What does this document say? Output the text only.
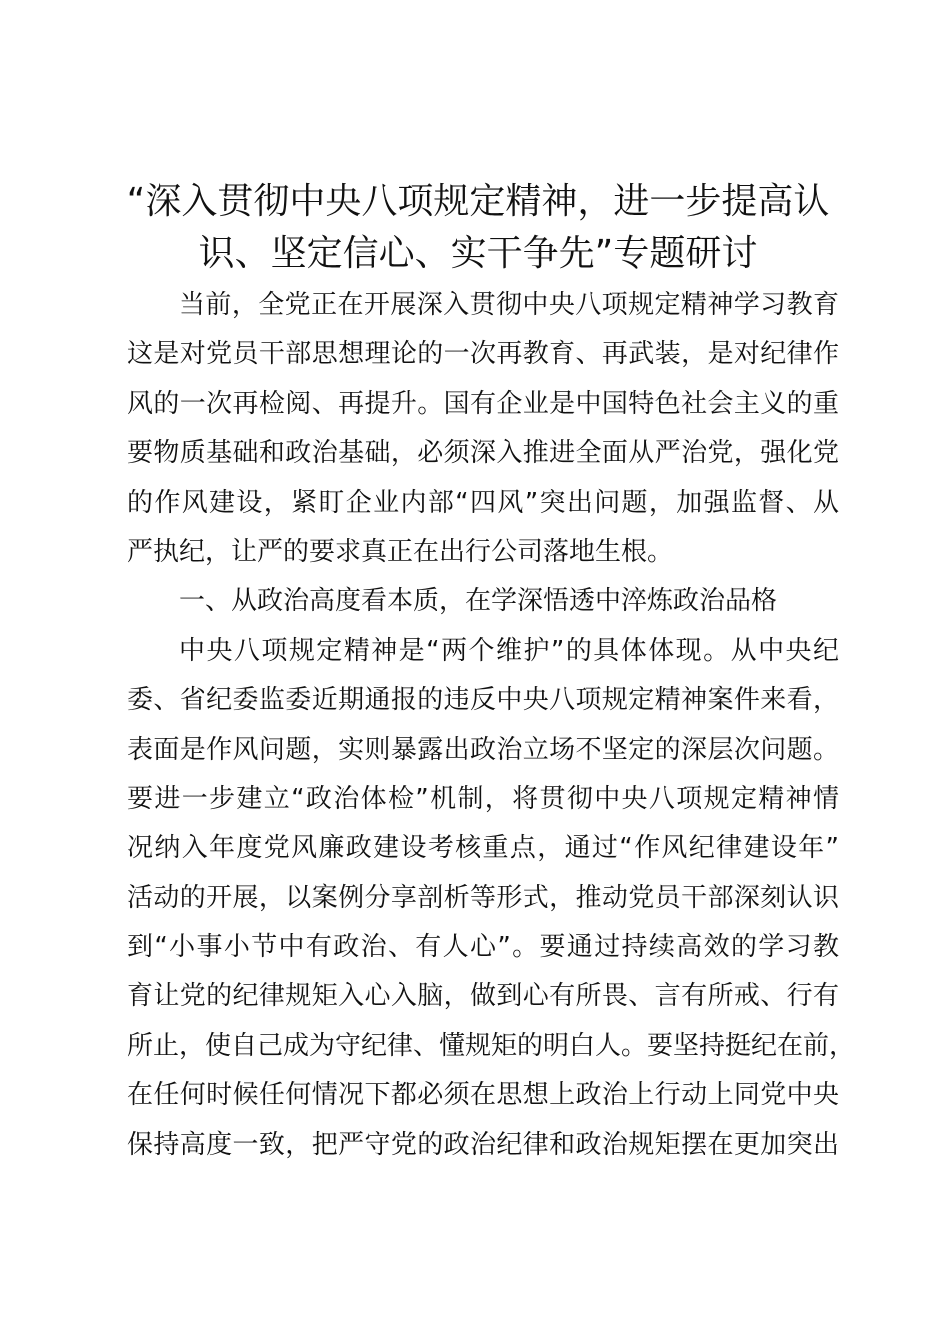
“深入贯彻中央八项规定精神，进一步提高认
识、坚定信心、实干争先”专题研讨
当前，全党正在开展深入贯彻中央八项规定精神学习教育
这是对党员干部思想理论的一次再教育、再武装，是对纪律作
风的一次再检阅、再提升。国有企业是中国特色社会主义的重
要物质基础和政治基础，必须深入推进全面从严治党，强化党
的作风建设，紧盯企业内部“四风”突出问题，加强监督、从
严执纪，让严的要求真正在出行公司落地生根。
一、从政治高度看本质，在学深悟透中淬炼政治品格
中央八项规定精神是“两个维护”的具体体现。从中央纪
委、省纪委监委近期通报的违反中央八项规定精神案件来看，
表面是作风问题，实则暴露出政治立场不坚定的深层次问题。
要进一步建立“政治体检”机制，将贯彻中央八项规定精神情
况纳入年度党风廉政建设考核重点，通过“作风纪律建设年”
活动的开展，以案例分享剖析等形式，推动党员干部深刻认识
到“小事小节中有政治、有人心”。要通过持续高效的学习教
育让党的纪律规矩入心入脑，做到心有所畏、言有所戒、行有
所止，使自己成为守纪律、懂规矩的明白人。要坚持挺纪在前，
在任何时候任何情况下都必须在思想上政治上行动上同党中央
保持高度一致，把严守党的政治纪律和政治规矩摆在更加突出
